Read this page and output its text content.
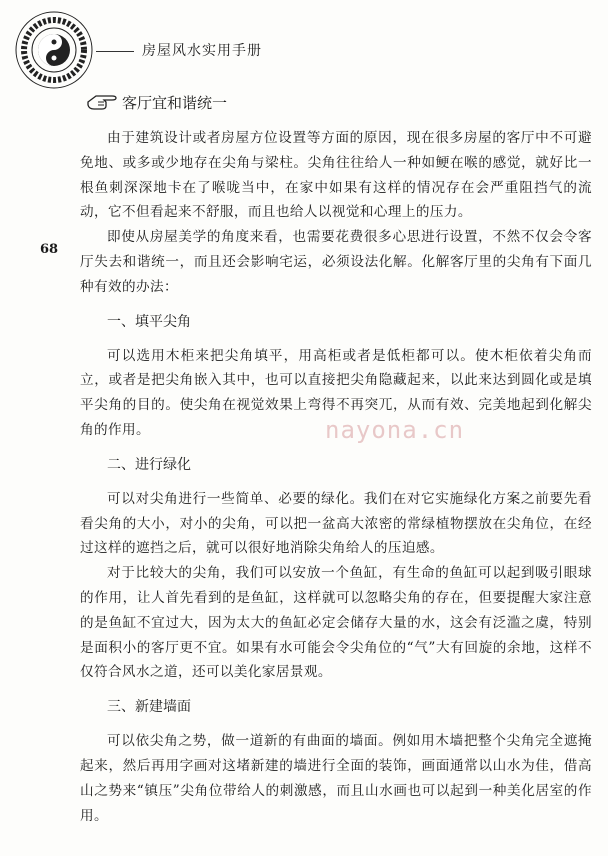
房屋风水实用手册
客厅宜和谐统一
68
nayona.cn

由于建筑设计或者房屋方位设置等方面的原因，现在很多房屋的客厅中不可避免地、或多或少地存在尖角与梁柱。尖角往往给人一种如鲠在喉的感觉，就好比一根鱼刺深深地卡在了喉咙当中，在家中如果有这样的情况存在会严重阻挡气的流动，它不但看起来不舒服，而且也给人以视觉和心理上的压力。

即使从房屋美学的角度来看，也需要花费很多心思进行设置，不然不仅会令客厅失去和谐统一，而且还会影响宅运，必须设法化解。化解客厅里的尖角有下面几种有效的办法：

一、填平尖角

可以选用木柜来把尖角填平，用高柜或者是低柜都可以。使木柜依着尖角而立，或者是把尖角嵌入其中，也可以直接把尖角隐藏起来，以此来达到圆化或是填平尖角的目的。使尖角在视觉效果上弯得不再突兀，从而有效、完美地起到化解尖角的作用。

二、进行绿化

可以对尖角进行一些简单、必要的绿化。我们在对它实施绿化方案之前要先看看尖角的大小，对小的尖角，可以把一盆高大浓密的常绿植物摆放在尖角位，在经过这样的遮挡之后，就可以很好地消除尖角给人的压迫感。

对于比较大的尖角，我们可以安放一个鱼缸，有生命的鱼缸可以起到吸引眼球的作用，让人首先看到的是鱼缸，这样就可以忽略尖角的存在，但要提醒大家注意的是鱼缸不宜过大，因为太大的鱼缸必定会储存大量的水，这会有泛滥之虞，特别是面积小的客厅更不宜。如果有水可能会令尖角位的“气”大有回旋的余地，这样不仅符合风水之道，还可以美化家居景观。

三、新建墙面

可以依尖角之势，做一道新的有曲面的墙面。例如用木墙把整个尖角完全遮掩起来，然后再用字画对这堵新建的墙进行全面的装饰，画面通常以山水为佳，借高山之势来“镇压”尖角位带给人的刺激感，而且山水画也可以起到一种美化居室的作用。
